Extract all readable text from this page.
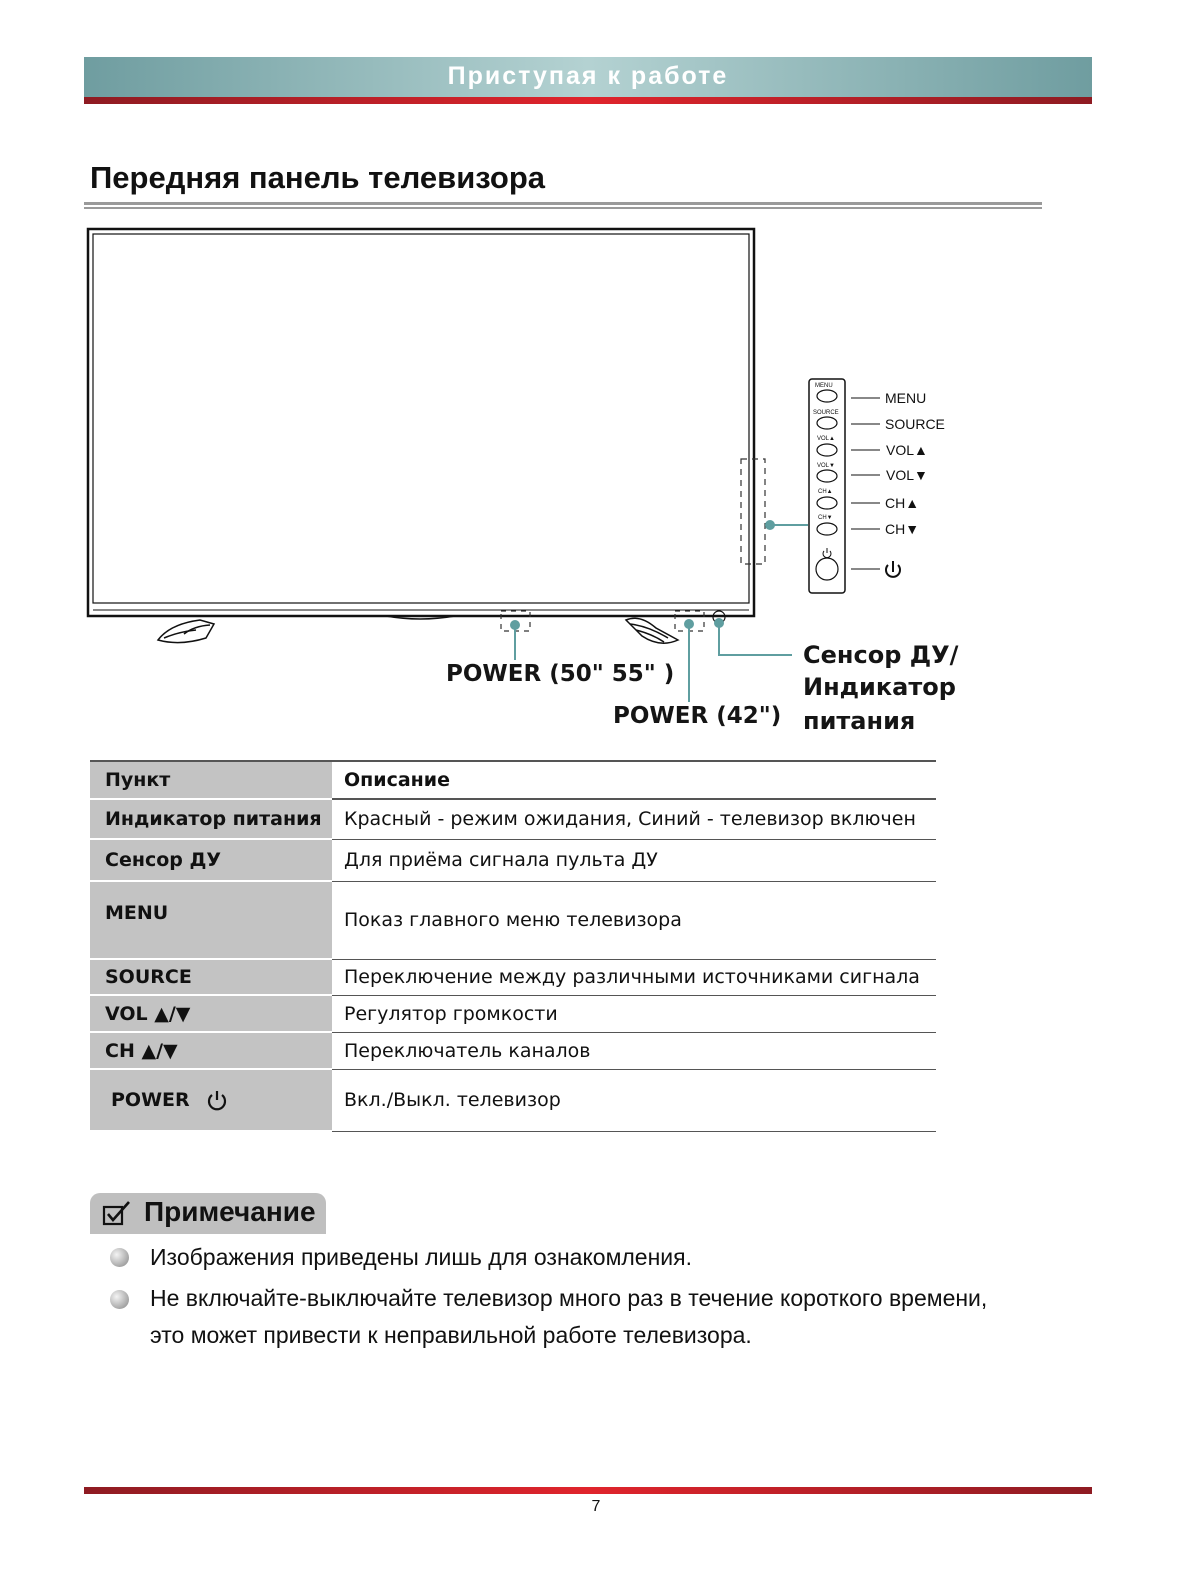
Приступая к работе
Передняя панель телевизора
MENU
SOURCE
VOL▲
VOL▼
CH▲
CH▼
MENU
SOURCE
VOL▲
VOL▼
CH▲
CH▼
POWER (50" 55" )
POWER (42")
Сенсор ДУ/
Индикатор
питания
Пункт	Описание
Индикатор питания	Красный - режим ожидания, Синий - телевизор включен
Сенсор ДУ	Для приёма сигнала пульта ДУ
MENU	Показ главного меню телевизора
SOURCE	Переключение между различными источниками сигнала
VOL ▲/▼	Регулятор громкости
CH ▲/▼	Переключатель каналов
POWER	Вкл./Выкл. телевизор
Примечание
Изображения приведены лишь для ознакомления.
Не включайте-выключайте телевизор много раз в течение короткого времени, это может привести к неправильной работе телевизора.
7
